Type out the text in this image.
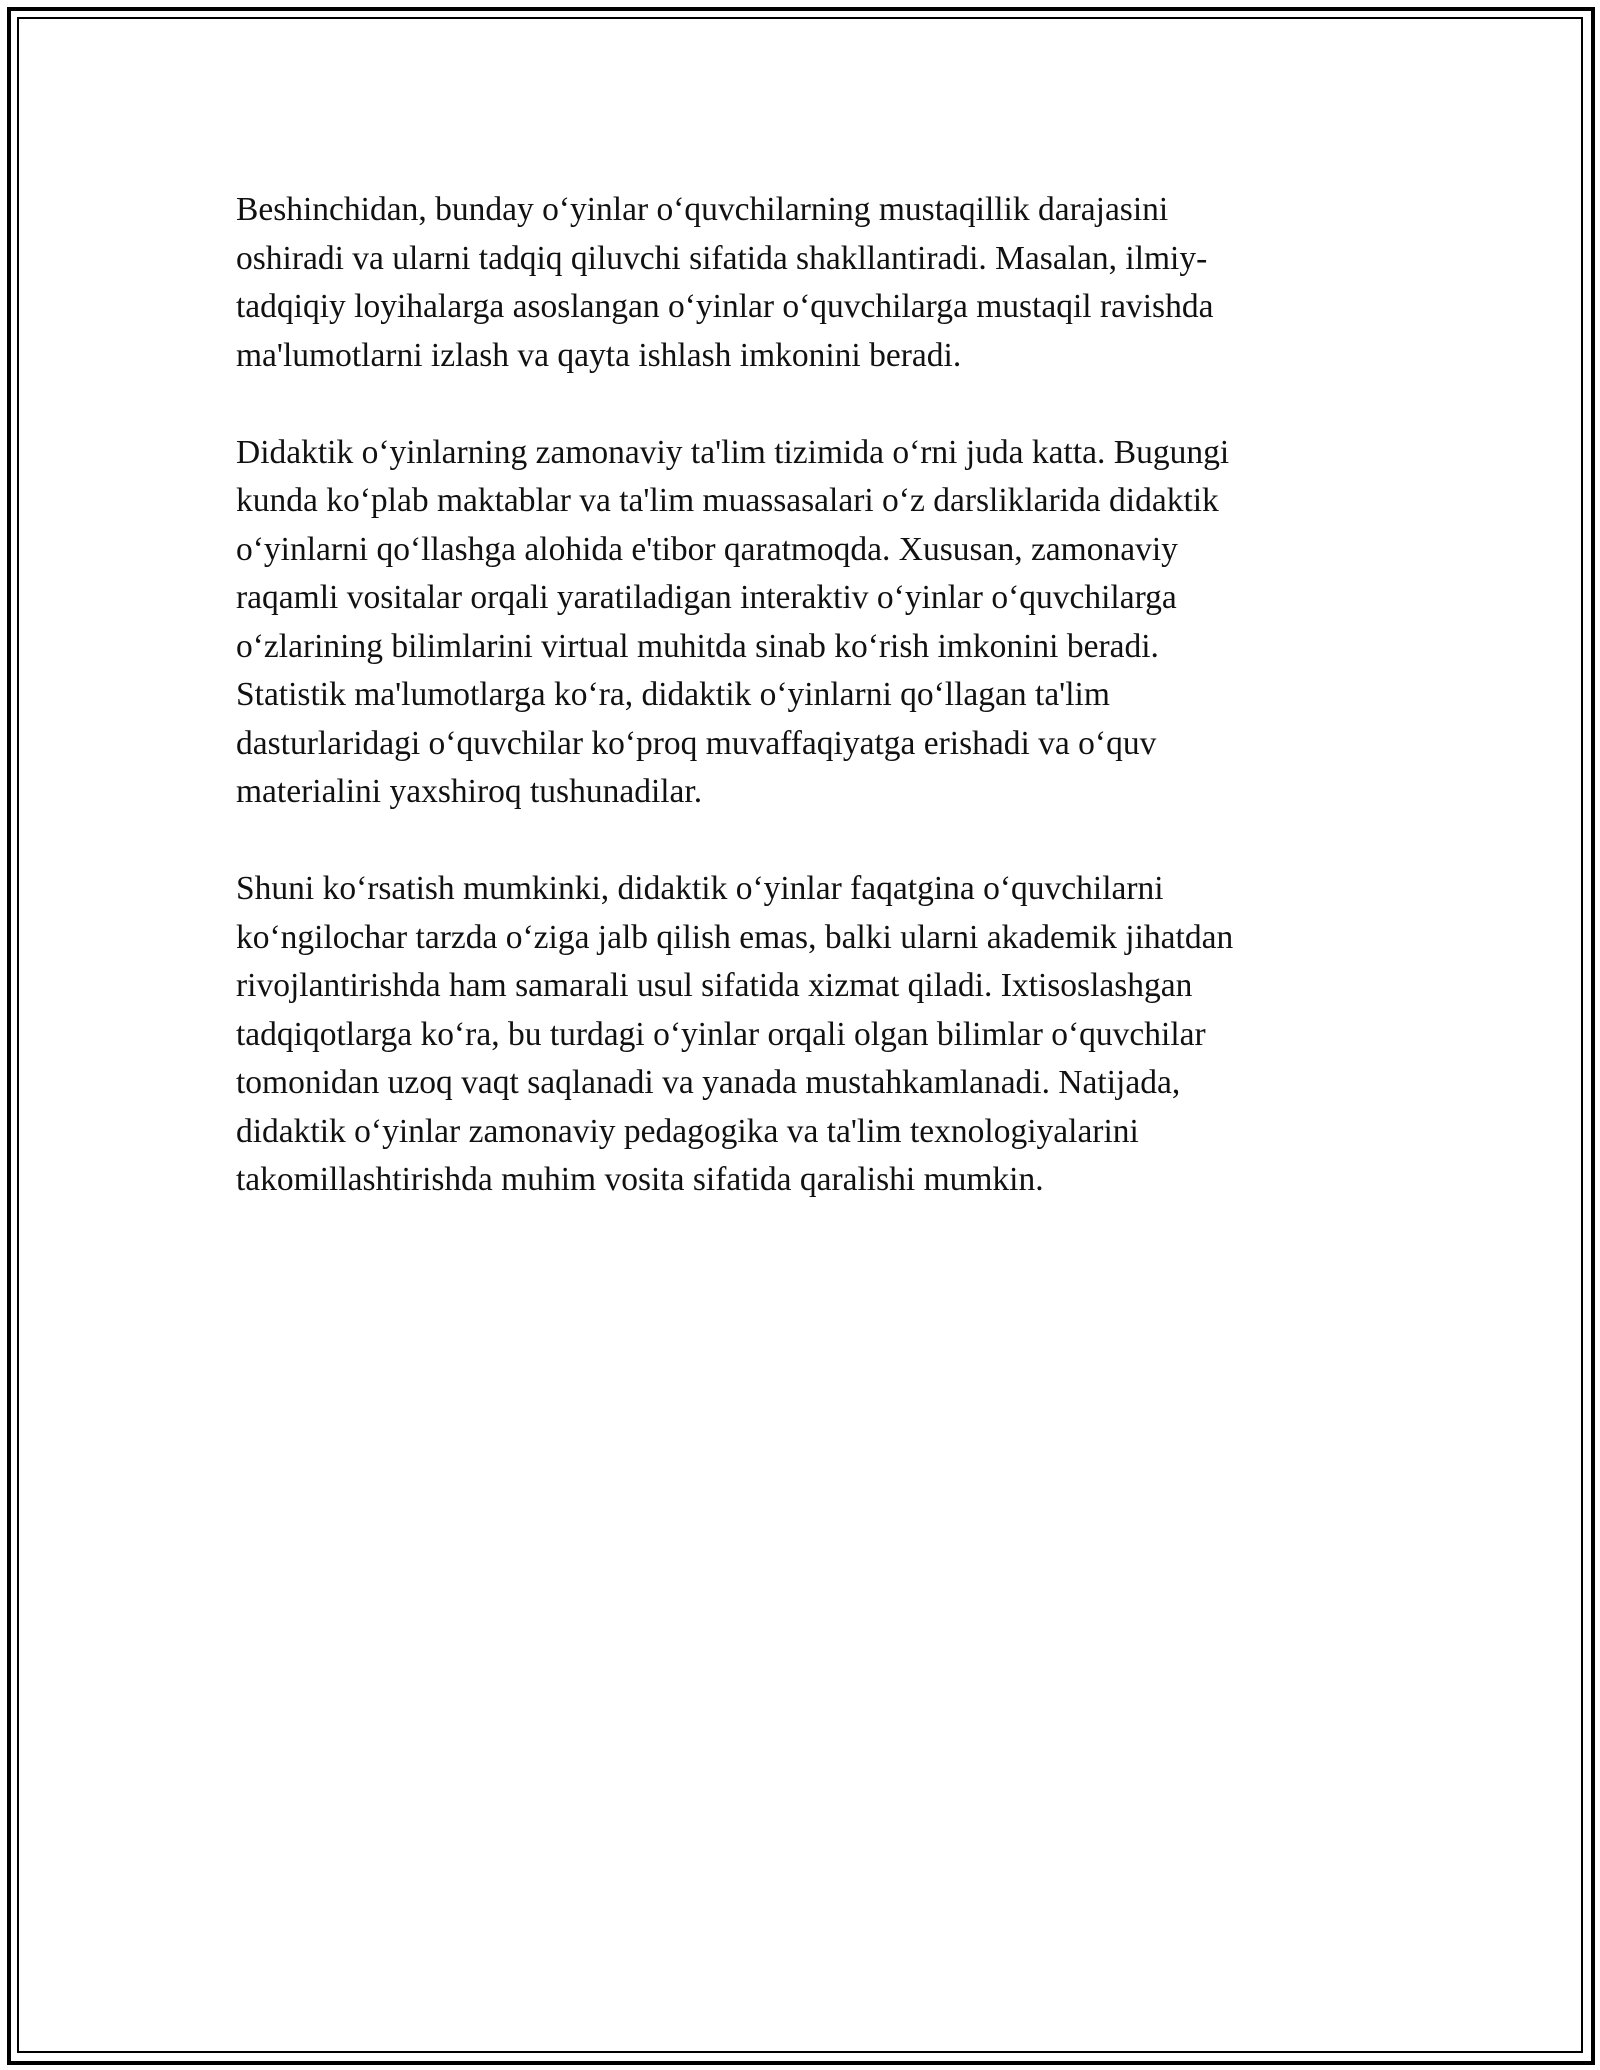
Beshinchidan, bunday o‘yinlar o‘quvchilarning mustaqillik darajasini
oshiradi va ularni tadqiq qiluvchi sifatida shakllantiradi. Masalan, ilmiy-
tadqiqiy loyihalarga asoslangan o‘yinlar o‘quvchilarga mustaqil ravishda
ma'lumotlarni izlash va qayta ishlash imkonini beradi.

Didaktik o‘yinlarning zamonaviy ta'lim tizimida o‘rni juda katta. Bugungi
kunda ko‘plab maktablar va ta'lim muassasalari o‘z darsliklarida didaktik
o‘yinlarni qo‘llashga alohida e'tibor qaratmoqda. Xususan, zamonaviy
raqamli vositalar orqali yaratiladigan interaktiv o‘yinlar o‘quvchilarga
o‘zlarining bilimlarini virtual muhitda sinab ko‘rish imkonini beradi.
Statistik ma'lumotlarga ko‘ra, didaktik o‘yinlarni qo‘llagan ta'lim
dasturlaridagi o‘quvchilar ko‘proq muvaffaqiyatga erishadi va o‘quv
materialini yaxshiroq tushunadilar.

Shuni ko‘rsatish mumkinki, didaktik o‘yinlar faqatgina o‘quvchilarni
ko‘ngilochar tarzda o‘ziga jalb qilish emas, balki ularni akademik jihatdan
rivojlantirishda ham samarali usul sifatida xizmat qiladi. Ixtisoslashgan
tadqiqotlarga ko‘ra, bu turdagi o‘yinlar orqali olgan bilimlar o‘quvchilar
tomonidan uzoq vaqt saqlanadi va yanada mustahkamlanadi. Natijada,
didaktik o‘yinlar zamonaviy pedagogika va ta'lim texnologiyalarini
takomillashtirishda muhim vosita sifatida qaralishi mumkin.
